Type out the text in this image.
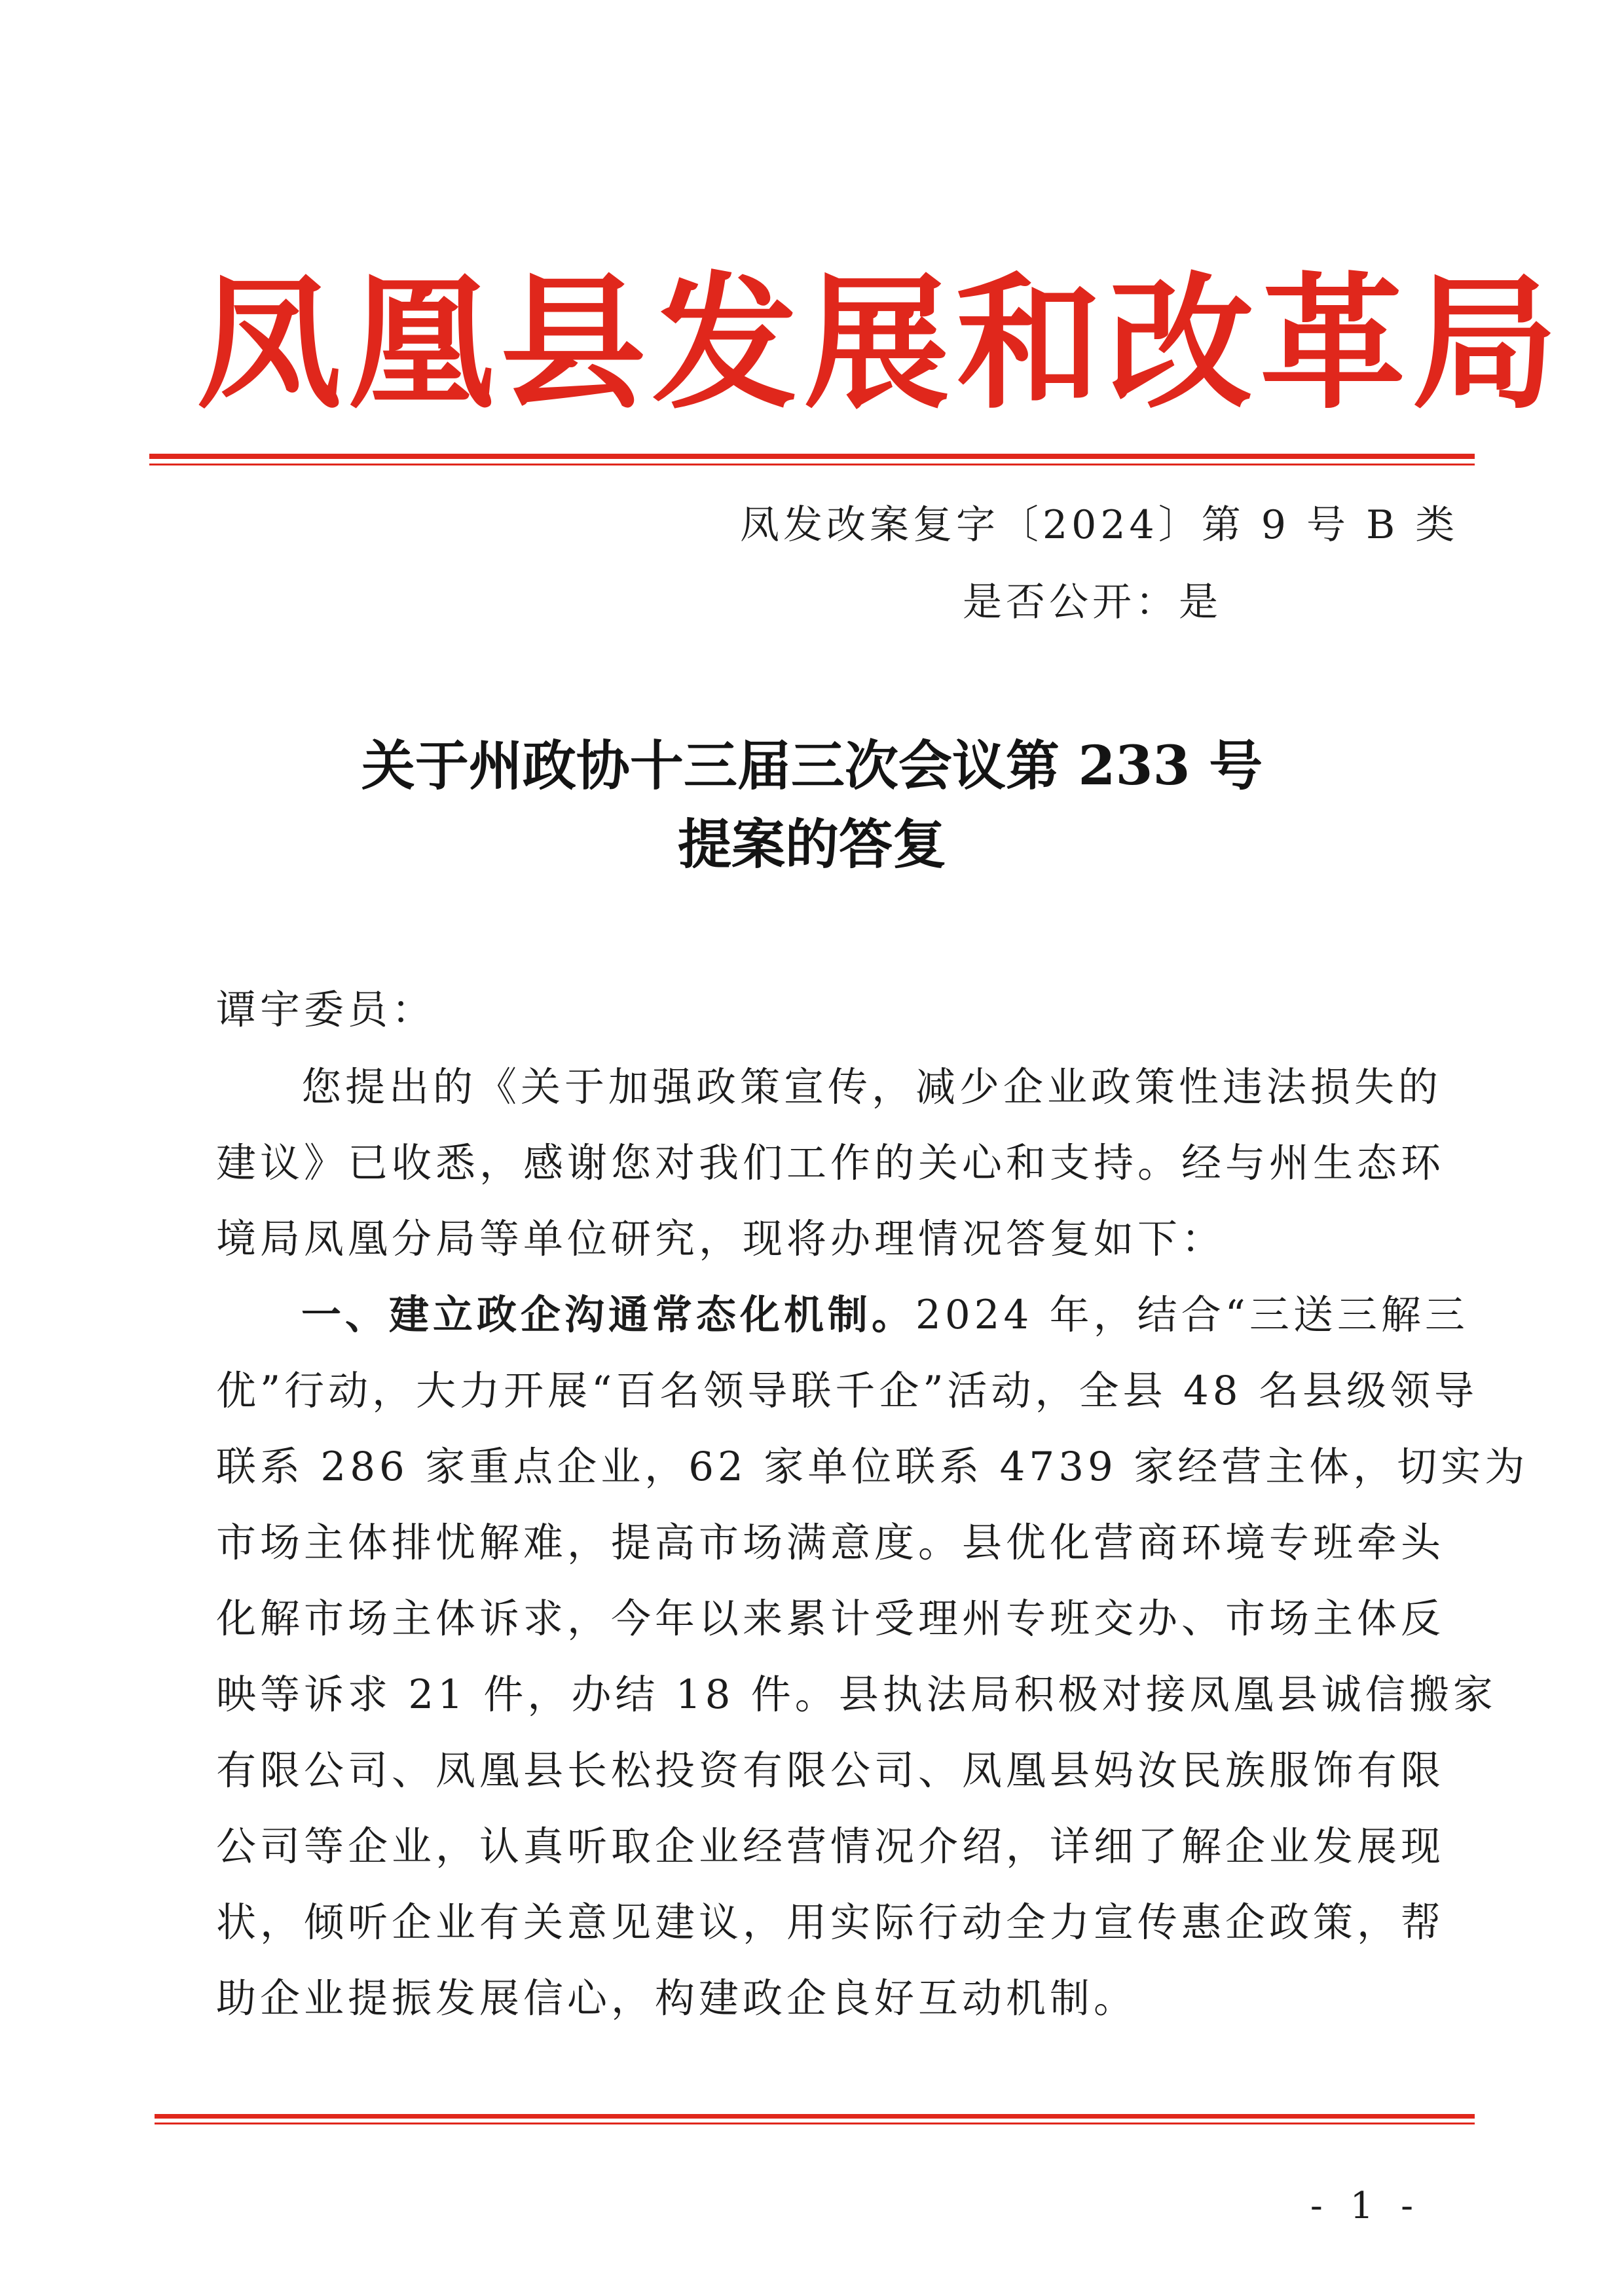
凤凰县发展和改革局
凤发改案复字〔2024〕第 9 号 B 类
是否公开：是
关于州政协十三届三次会议第 233 号
提案的答复
谭宇委员：
您提出的《关于加强政策宣传，减少企业政策性违法损失的
建议》已收悉，感谢您对我们工作的关心和支持。经与州生态环
境局凤凰分局等单位研究，现将办理情况答复如下：
一、建立政企沟通常态化机制。2024 年，结合“三送三解三
优”行动，大力开展“百名领导联千企”活动，全县 48 名县级领导
联系 286 家重点企业，62 家单位联系 4739 家经营主体，切实为
市场主体排忧解难，提高市场满意度。县优化营商环境专班牵头
化解市场主体诉求，今年以来累计受理州专班交办、市场主体反
映等诉求 21 件，办结 18 件。县执法局积极对接凤凰县诚信搬家
有限公司、凤凰县长松投资有限公司、凤凰县妈汝民族服饰有限
公司等企业，认真听取企业经营情况介绍，详细了解企业发展现
状，倾听企业有关意见建议，用实际行动全力宣传惠企政策，帮
助企业提振发展信心，构建政企良好互动机制。
- 1 -
